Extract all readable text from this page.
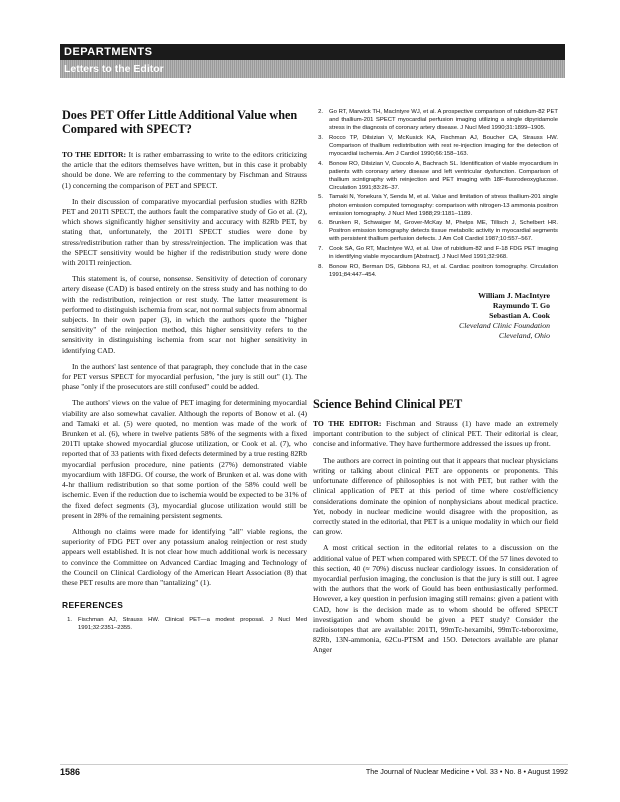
DEPARTMENTS
Letters to the Editor
Does PET Offer Little Additional Value when Compared with SPECT?

TO THE EDITOR: It is rather embarrassing to write to the editors criticizing the article that the editors themselves have written, but in this case it probably should be done. We are referring to the commentary by Fischman and Strauss (1) concerning the comparison of PET and SPECT.

In their discussion of comparative myocardial perfusion studies with 82Rb PET and 201Tl SPECT, the authors fault the comparative study of Go et al. (2), which shows significantly higher sensitivity and accuracy with 82Rb PET, by stating that, unfortunately, the 201Tl SPECT studies were done by stress/redistribution rather than by stress/reinjection. The implication was that the SPECT sensitivity would be higher if the redistribution study were done with 201Tl reinjection.

This statement is, of course, nonsense. Sensitivity of detection of coronary artery disease (CAD) is based entirely on the stress study and has nothing to do with the redistribution, reinjection or rest study. The latter measurement is performed to distinguish ischemia from scar, not normal subjects from abnormal subjects. In their own paper (3), in which the authors quote the "higher sensitivity" of the reinjection method, this higher sensitivity refers to the sensitivity in distinguishing ischemia from scar not higher sensitivity in identifying CAD.

In the authors' last sentence of that paragraph, they conclude that in the case for PET versus SPECT for myocardial perfusion, "the jury is still out" (1). The phase "only if the prosecutors are still confused" could be added.

The authors' views on the value of PET imaging for determining myocardial viability are also somewhat cavalier. Although the reports of Bonow et al. (4) and Tamaki et al. (5) were quoted, no mention was made of the work of Brunken et al. (6), where in twelve patients 58% of the segments with a fixed 201Tl uptake showed myocardial glucose utilization, or Cook et al. (7), who reported that of 33 patients with fixed defects determined by a true resting 82Rb myocardial perfusion procedure, nine patients (27%) demonstrated viable myocardium with 18FDG. Of course, the work of Brunken et al. was done with 4-hr thallium redistribution so that some portion of the 58% could well be ischemic. Even if the reduction due to ischemia would be expected to be 31% of the fixed defect segments (3), myocardial glucose utilization would still be present in 28% of the remaining persistent segments.

Although no claims were made for identifying "all" viable regions, the superiority of FDG PET over any potassium analog reinjection or rest study appears well established. It is not clear how much additional work is necessary to convince the Committee on Advanced Cardiac Imaging and Technology of the Council on Clinical Cardiology of the American Heart Association (8) that these PET results are more than "tantalizing" (1).

REFERENCES
1. Fischman AJ, Strauss HW. Clinical PET—a modest proposal. J Nucl Med 1991;32:2351–2355.
2. Go RT, Marwick TH, MacIntyre WJ, et al. A prospective comparison of rubidium-82 PET and thallium-201 SPECT myocardial perfusion imaging utilizing a single dipyridamole stress in the diagnosis of coronary artery disease. J Nucl Med 1990;31:1899–1905.
3. Rocco TP, Dilsizian V, McKusick KA, Fischman AJ, Boucher CA, Strauss HW. Comparison of thallium redistribution with rest re-injection imaging for the detection of myocardial ischemia. Am J Cardiol 1990;66:158–163.
4. Bonow RO, Dilsizian V, Cuocolo A, Bachrach SL. Identification of viable myocardium in patients with coronary artery disease and left ventricular dysfunction. Comparison of thallium scintigraphy with reinjection and PET imaging with 18F-fluorodeoxyglucose. Circulation 1991;83:26–37.
5. Tamaki N, Yonekura Y, Senda M, et al. Value and limitation of stress thallium-201 single photon emission computed tomography: comparison with nitrogen-13 ammonia positron emission tomography. J Nucl Med 1988;29:1181–1189.
6. Brunken R, Schwaiger M, Grover-McKay M, Phelps ME, Tillisch J, Schelbert HR. Positron emission tomography detects tissue metabolic activity in myocardial segments with persistent thallium perfusion defects. J Am Coll Cardiol 1987;10:557–567.
7. Cook SA, Go RT, MacIntyre WJ, et al. Use of rubidium-82 and F-18 FDG PET imaging in identifying viable myocardium [Abstract]. J Nucl Med 1991;32:968.
8. Bonow RO, Berman DS, Gibbons RJ, et al. Cardiac positron tomography. Circulation 1991;84:447–454.
William J. MacIntyre
Raymundo T. Go
Sebastian A. Cook
Cleveland Clinic Foundation
Cleveland, Ohio
Science Behind Clinical PET

TO THE EDITOR: Fischman and Strauss (1) have made an extremely important contribution to the subject of clinical PET. Their editorial is clear, concise and informative. They have furthermore addressed the issues up front.

The authors are correct in pointing out that it appears that nuclear physicians writing or talking about clinical PET are opponents or proponents. This unfortunate difference of philosophies is not with PET, but rather with the clinical application of PET at this period of time where cost/efficiency considerations dominate the opinion of nonphysicians about medical practice. Yet, nobody in nuclear medicine would disagree with the proposition, as correctly stated in the editorial, that PET is a unique modality in which our field can grow.

A most critical section in the editorial relates to a discussion on the additional value of PET when compared with SPECT. Of the 57 lines devoted to this section, 40 (≈ 70%) discuss nuclear cardiology issues. In consideration of myocardial perfusion imaging, the conclusion is that the jury is still out. I agree with the authors that the work of Gould has been enthusiastically performed. However, a key question in perfusion imaging still remains: given a patient with CAD, how is the decision made as to whom should be offered SPECT investigation and whom should be given a PET study? Consider the radioisotopes that are available: 201Tl, 99mTc-hexamibi, 99mTc-teboroxime, 82Rb, 13N-ammonia, 62Cu-PTSM and 15O. Detectors available are planar Anger

1586	The Journal of Nuclear Medicine • Vol. 33 • No. 8 • August 1992
